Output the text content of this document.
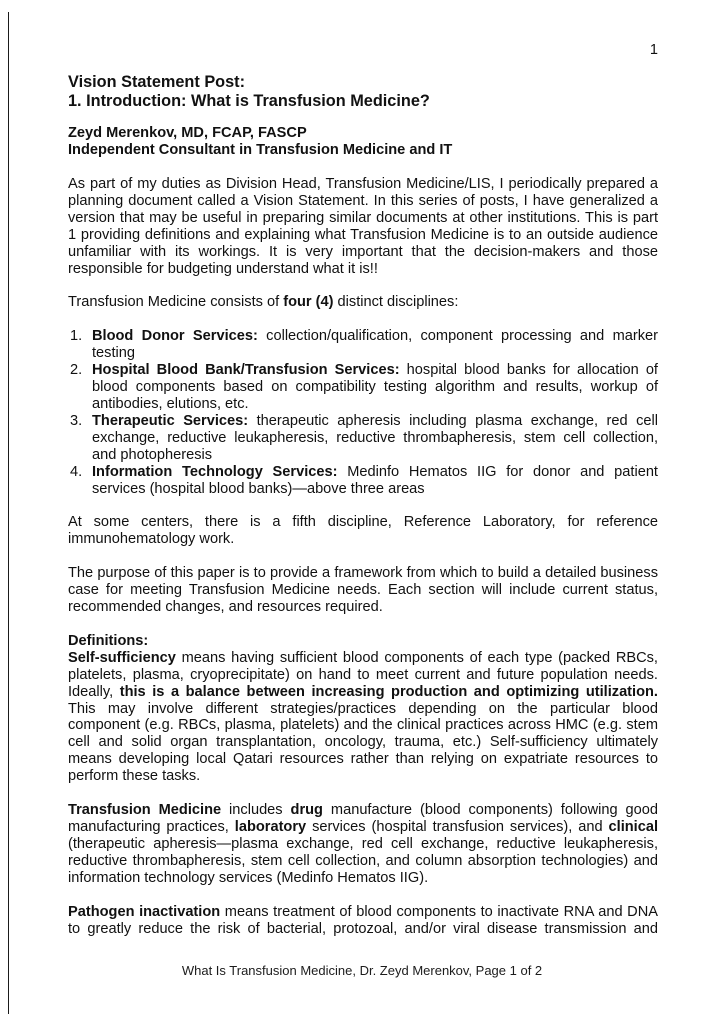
1
Vision Statement Post:
1. Introduction: What is Transfusion Medicine?
Zeyd Merenkov, MD, FCAP, FASCP
Independent Consultant in Transfusion Medicine and IT

As part of my duties as Division Head, Transfusion Medicine/LIS, I periodically prepared a planning document called a Vision Statement. In this series of posts, I have generalized a version that may be useful in preparing similar documents at other institutions. This is part 1 providing definitions and explaining what Transfusion Medicine is to an outside audience unfamiliar with its workings. It is very important that the decision-makers and those responsible for budgeting understand what it is!!

Transfusion Medicine consists of four (4) distinct disciplines:

1. Blood Donor Services: collection/qualification, component processing and marker testing
2. Hospital Blood Bank/Transfusion Services: hospital blood banks for allocation of blood components based on compatibility testing algorithm and results, workup of antibodies, elutions, etc.
3. Therapeutic Services: therapeutic apheresis including plasma exchange, red cell exchange, reductive leukapheresis, reductive thrombapheresis, stem cell collection, and photopheresis
4. Information Technology Services: Medinfo Hematos IIG for donor and patient services (hospital blood banks)—above three areas

At some centers, there is a fifth discipline, Reference Laboratory, for reference immunohematology work.

The purpose of this paper is to provide a framework from which to build a detailed business case for meeting Transfusion Medicine needs. Each section will include current status, recommended changes, and resources required.

Definitions:

Self-sufficiency means having sufficient blood components of each type (packed RBCs, platelets, plasma, cryoprecipitate) on hand to meet current and future population needs. Ideally, this is a balance between increasing production and optimizing utilization. This may involve different strategies/practices depending on the particular blood component (e.g. RBCs, plasma, platelets) and the clinical practices across HMC (e.g. stem cell and solid organ transplantation, oncology, trauma, etc.) Self-sufficiency ultimately means developing local Qatari resources rather than relying on expatriate resources to perform these tasks.

Transfusion Medicine includes drug manufacture (blood components) following good manufacturing practices, laboratory services (hospital transfusion services), and clinical (therapeutic apheresis—plasma exchange, red cell exchange, reductive leukapheresis, reductive thrombapheresis, stem cell collection, and column absorption technologies) and information technology services (Medinfo Hematos IIG).

Pathogen inactivation means treatment of blood components to inactivate RNA and DNA to greatly reduce the risk of bacterial, protozoal, and/or viral disease transmission and

What Is Transfusion Medicine, Dr. Zeyd Merenkov, Page 1 of 2
